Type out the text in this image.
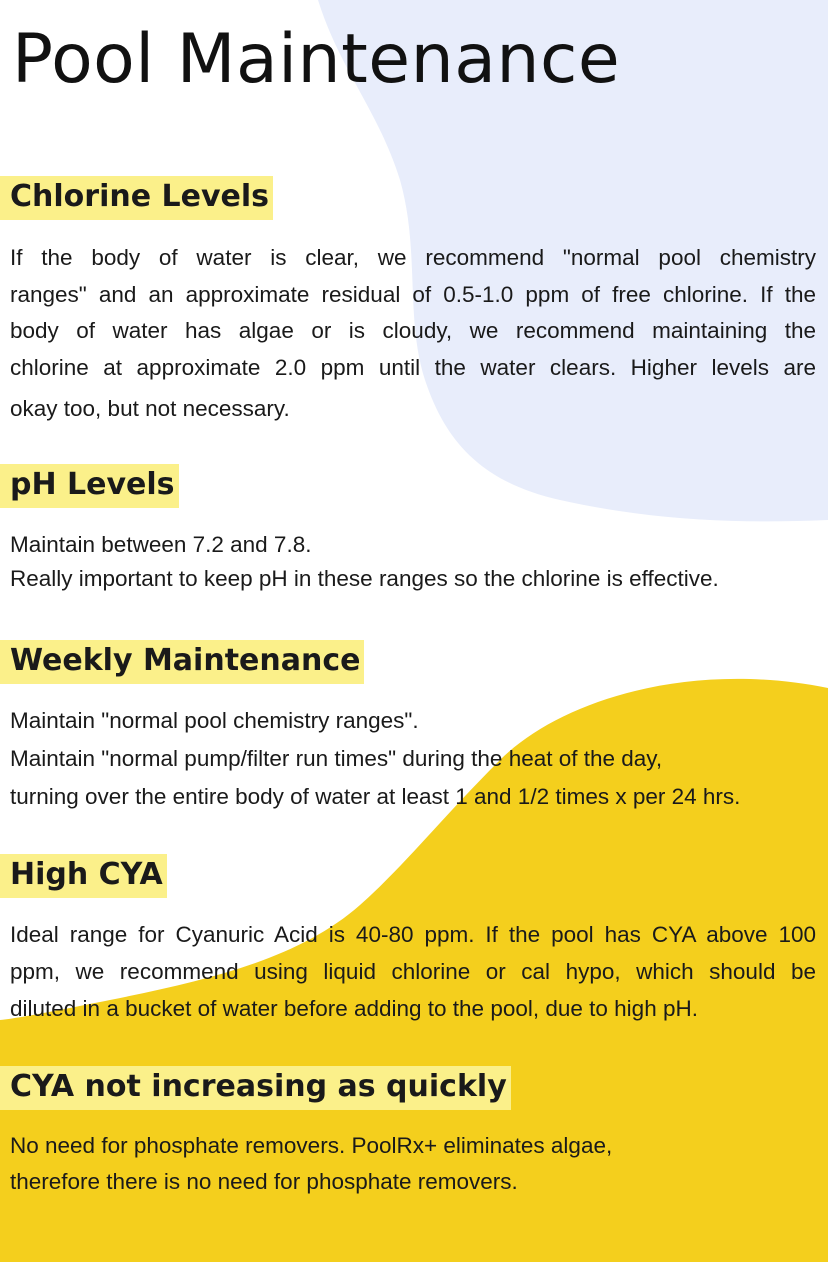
Pool Maintenance
Chlorine Levels
If the body of water is clear, we recommend "normal pool chemistry
ranges" and an approximate residual of 0.5-1.0 ppm of free chlorine. If the
body of water has algae or is cloudy, we recommend maintaining the
chlorine at approximate 2.0 ppm until the water clears. Higher levels are
okay too, but not necessary.
pH Levels
Maintain between 7.2 and 7.8.
Really important to keep pH in these ranges so the chlorine is effective.
Weekly Maintenance
Maintain "normal pool chemistry ranges".
Maintain "normal pump/filter run times" during the heat of the day,
turning over the entire body of water at least 1 and 1/2 times x per 24 hrs.
High CYA
Ideal range for Cyanuric Acid is 40-80 ppm. If the pool has CYA above 100
ppm, we recommend using liquid chlorine or cal hypo, which should be
diluted in a bucket of water before adding to the pool, due to high pH.
CYA not increasing as quickly
No need for phosphate removers. PoolRx+ eliminates algae,
therefore there is no need for phosphate removers.
